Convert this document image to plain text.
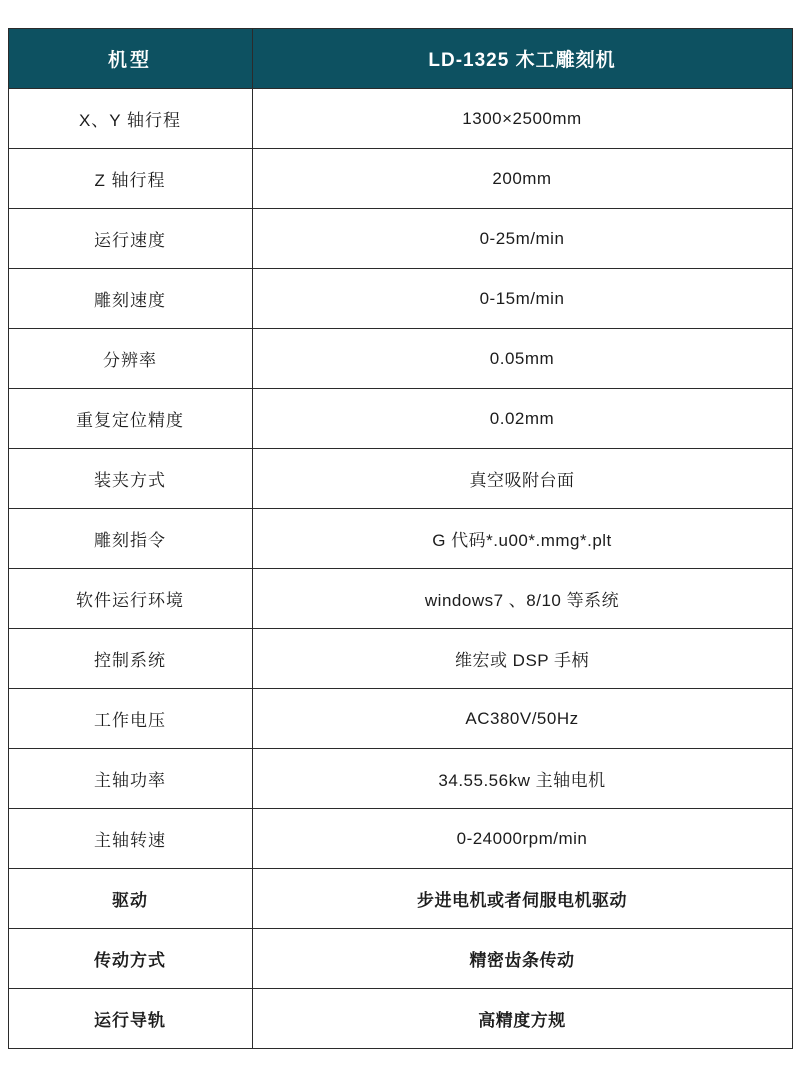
机型	LD-1325 木工雕刻机
X、Y 轴行程	1300×2500mm
Z 轴行程	200mm
运行速度	0-25m/min
雕刻速度	0-15m/min
分辨率	0.05mm
重复定位精度	0.02mm
装夹方式	真空吸附台面
雕刻指令	G 代码*.u00*.mmg*.plt
软件运行环境	windows7 、8/10 等系统
控制系统	维宏或 DSP 手柄
工作电压	AC380V/50Hz
主轴功率	34.55.56kw 主轴电机
主轴转速	0-24000rpm/min
驱动	步进电机或者伺服电机驱动
传动方式	精密齿条传动
运行导轨	高精度方规
